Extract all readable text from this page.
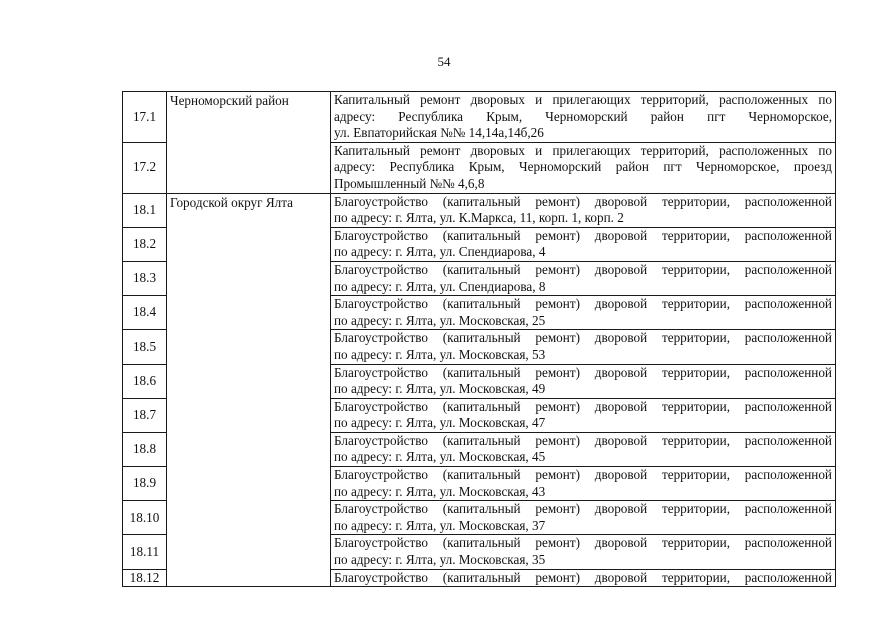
54
17.1	Черноморский район	Капитальный ремонт дворовых и прилегающих территорий, расположенных по
адресу: Республика Крым, Черноморский район пгт Черноморское,
ул. Евпаторийская №№ 14,14а,14б,26

17.2		Капитальный ремонт дворовых и прилегающих территорий, расположенных по
адресу: Республика Крым, Черноморский район пгт Черноморское, проезд
Промышленный №№ 4,6,8

18.1	Городской округ Ялта	Благоустройство (капитальный ремонт) дворовой территории, расположенной
по адресу: г. Ялта, ул. К.Маркса, 11, корп. 1, корп. 2

18.2		Благоустройство (капитальный ремонт) дворовой территории, расположенной
по адресу: г. Ялта, ул. Спендиарова, 4

18.3		Благоустройство (капитальный ремонт) дворовой территории, расположенной
по адресу: г. Ялта, ул. Спендиарова, 8

18.4		Благоустройство (капитальный ремонт) дворовой территории, расположенной
по адресу: г. Ялта, ул. Московская, 25

18.5		Благоустройство (капитальный ремонт) дворовой территории, расположенной
по адресу: г. Ялта, ул. Московская, 53

18.6		Благоустройство (капитальный ремонт) дворовой территории, расположенной
по адресу: г. Ялта, ул. Московская, 49

18.7		Благоустройство (капитальный ремонт) дворовой территории, расположенной
по адресу: г. Ялта, ул. Московская, 47

18.8		Благоустройство (капитальный ремонт) дворовой территории, расположенной
по адресу: г. Ялта, ул. Московская, 45

18.9		Благоустройство (капитальный ремонт) дворовой территории, расположенной
по адресу: г. Ялта, ул. Московская, 43

18.10		Благоустройство (капитальный ремонт) дворовой территории, расположенной
по адресу: г. Ялта, ул. Московская, 37

18.11		Благоустройство (капитальный ремонт) дворовой территории, расположенной
по адресу: г. Ялта, ул. Московская, 35

18.12		Благоустройство (капитальный ремонт) дворовой территории, расположенной
